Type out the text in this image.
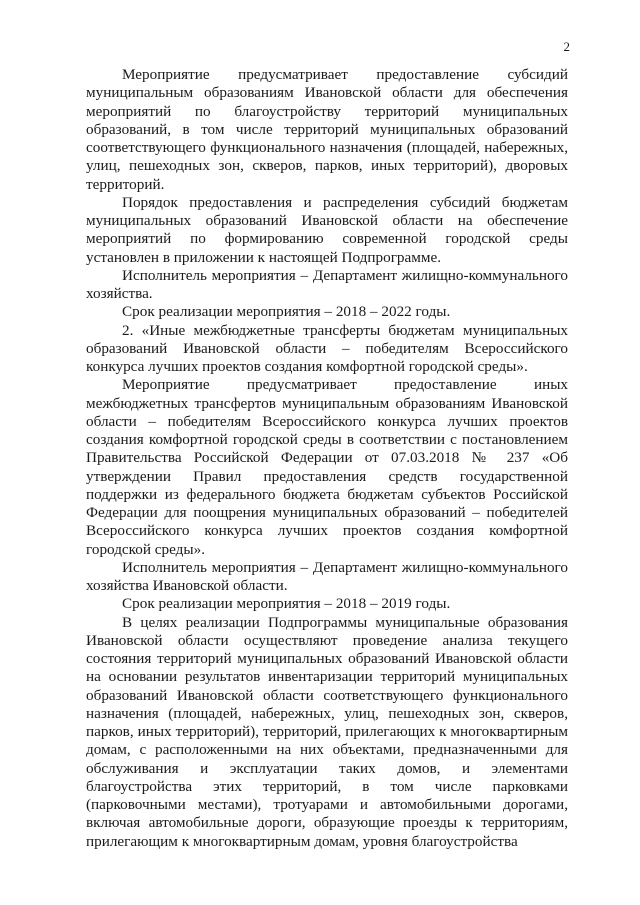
2

Мероприятие предусматривает предоставление субсидий муниципальным образованиям Ивановской области для обеспечения мероприятий по благоустройству территорий муниципальных образований, в том числе территорий муниципальных образований соответствующего функционального назначения (площадей, набережных, улиц, пешеходных зон, скверов, парков, иных территорий), дворовых территорий.

Порядок предоставления и распределения субсидий бюджетам муниципальных образований Ивановской области на обеспечение мероприятий по формированию современной городской среды установлен в приложении к настоящей Подпрограмме.

Исполнитель мероприятия – Департамент жилищно-коммунального хозяйства.

Срок реализации мероприятия – 2018 – 2022 годы.

2. «Иные межбюджетные трансферты бюджетам муниципальных образований Ивановской области – победителям Всероссийского конкурса лучших проектов создания комфортной городской среды».

Мероприятие предусматривает предоставление иных межбюджетных трансфертов муниципальным образованиям Ивановской области – победителям Всероссийского конкурса лучших проектов создания комфортной городской среды в соответствии с постановлением Правительства Российской Федерации от 07.03.2018 № 237 «Об утверждении Правил предоставления средств государственной поддержки из федерального бюджета бюджетам субъектов Российской Федерации для поощрения муниципальных образований – победителей Всероссийского конкурса лучших проектов создания комфортной городской среды».

Исполнитель мероприятия – Департамент жилищно-коммунального хозяйства Ивановской области.

Срок реализации мероприятия – 2018 – 2019 годы.

В целях реализации Подпрограммы муниципальные образования Ивановской области осуществляют проведение анализа текущего состояния территорий муниципальных образований Ивановской области на основании результатов инвентаризации территорий муниципальных образований Ивановской области соответствующего функционального назначения (площадей, набережных, улиц, пешеходных зон, скверов, парков, иных территорий), территорий, прилегающих к многоквартирным домам, с расположенными на них объектами, предназначенными для обслуживания и эксплуатации таких домов, и элементами благоустройства этих территорий, в том числе парковками (парковочными местами), тротуарами и автомобильными дорогами, включая автомобильные дороги, образующие проезды к территориям, прилегающим к многоквартирным домам, уровня благоустройства
